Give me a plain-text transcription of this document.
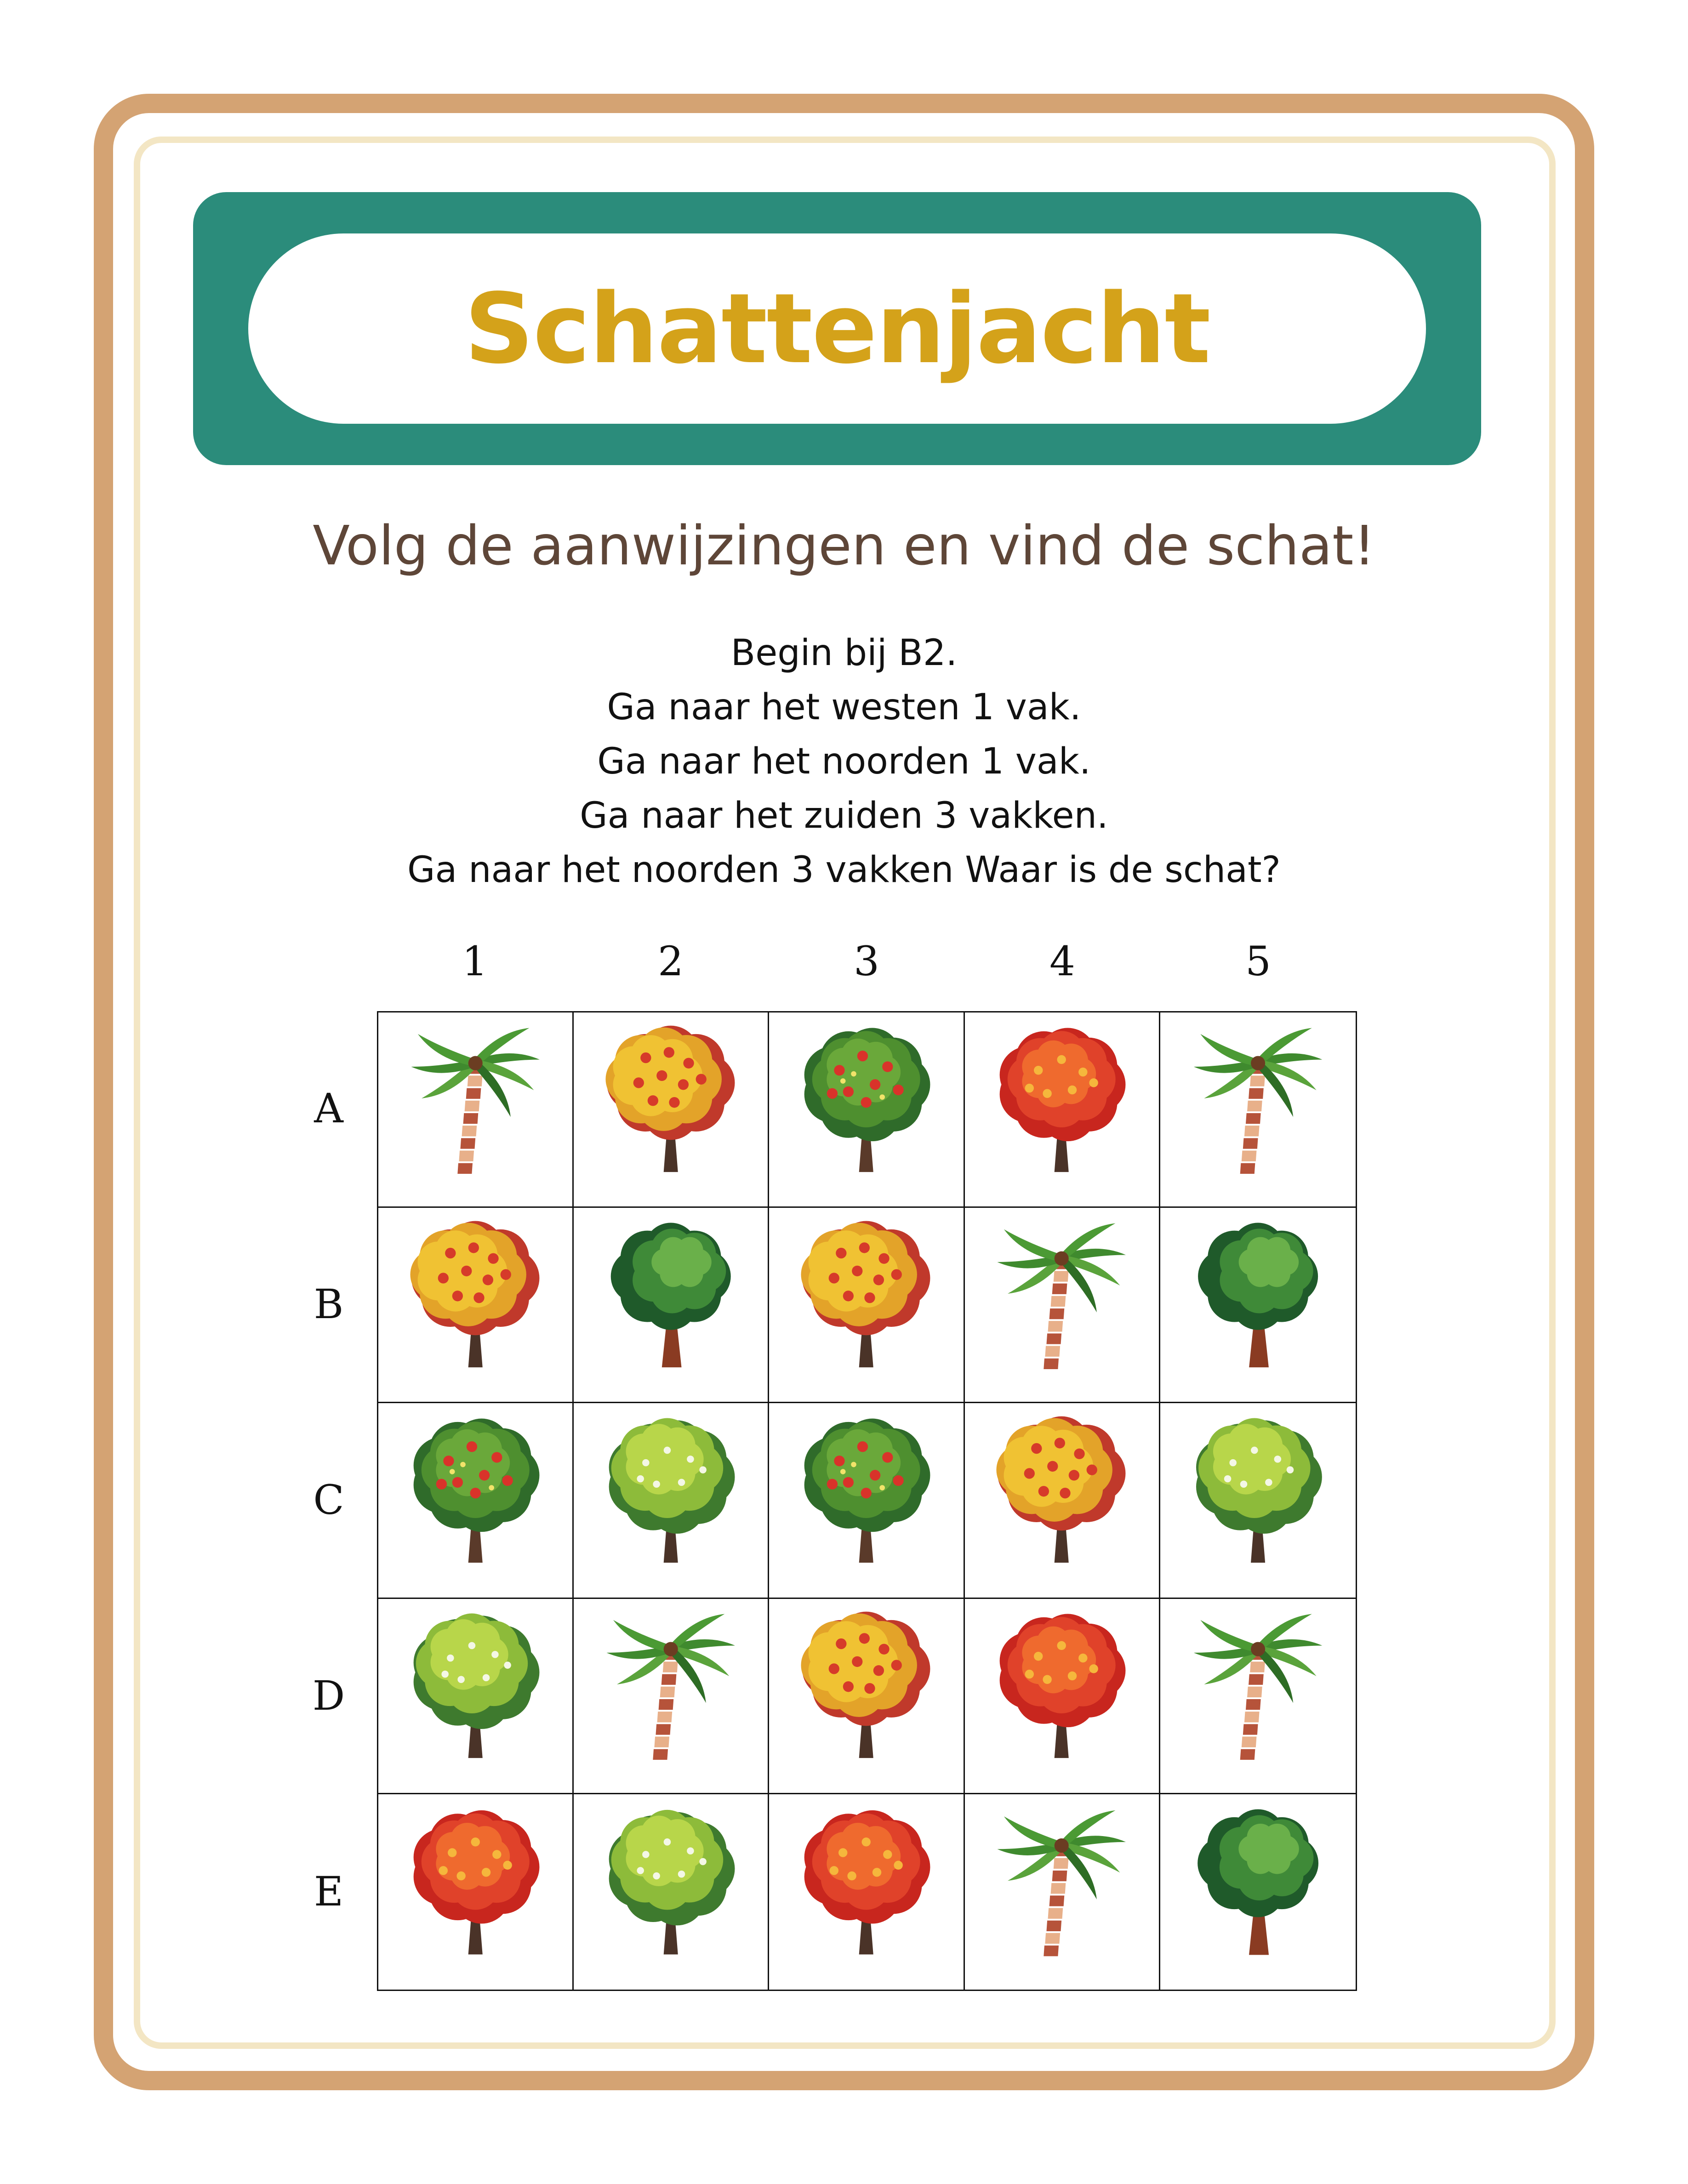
Schattenjacht
Volg de aanwijzingen en vind de schat!
Begin bij B2.
Ga naar het westen 1 vak.
Ga naar het noorden 1 vak.
Ga naar het zuiden 3 vakken.
Ga naar het noorden 3 vakken Waar is de schat?
1	2	3	4	5
A
B
C
D
E
